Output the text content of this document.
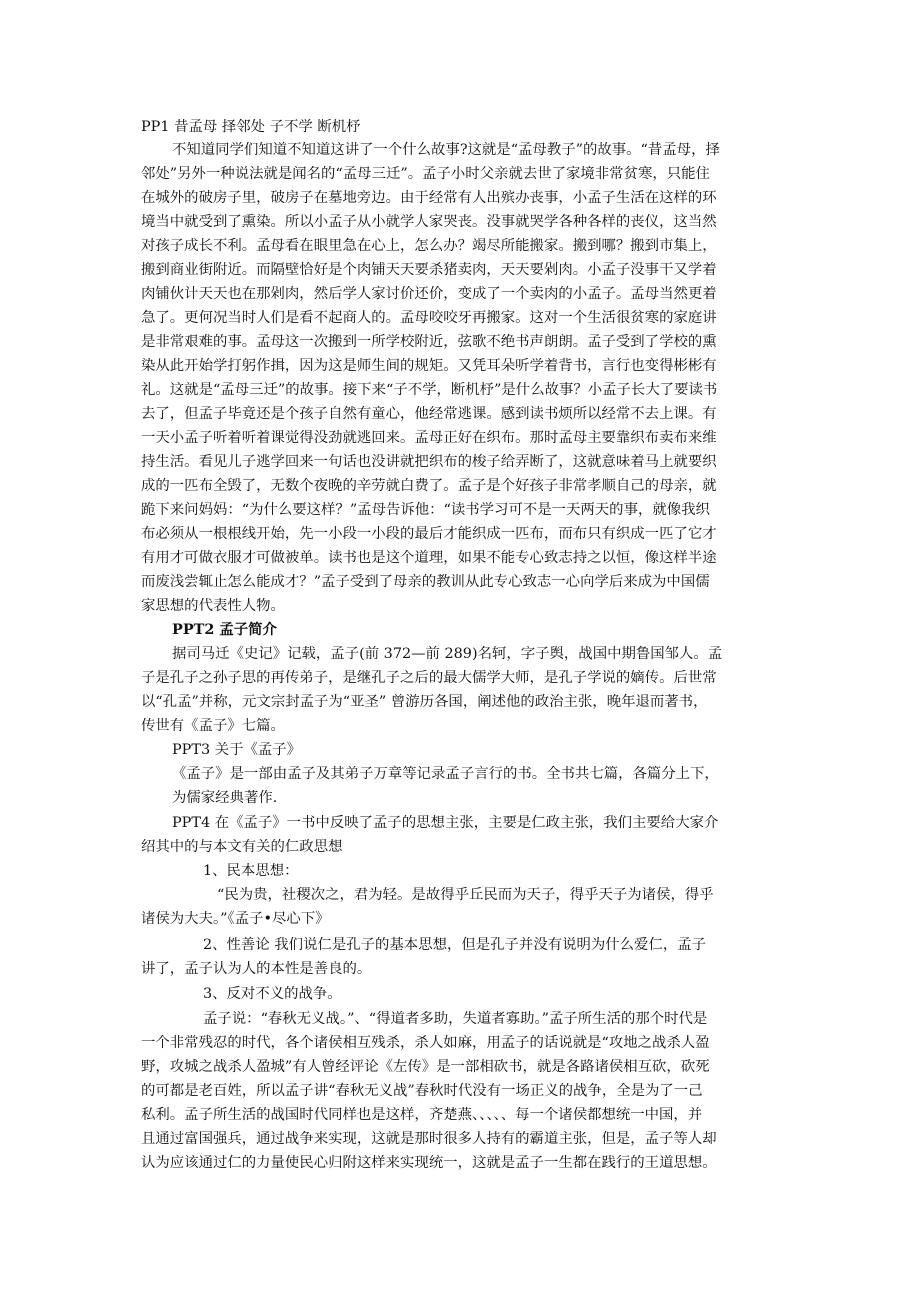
PP1 昔孟母 择邻处 子不学 断机杼

不知道同学们知道不知道这讲了一个什么故事?这就是“孟母教子”的故事。“昔孟母，择

邻处”另外一种说法就是闻名的“孟母三迁”。孟子小时父亲就去世了家境非常贫寒，只能住

在城外的破房子里，破房子在墓地旁边。由于经常有人出殡办丧事，小孟子生活在这样的环

境当中就受到了熏染。所以小孟子从小就学人家哭丧。没事就哭学各种各样的丧仪，这当然

对孩子成长不利。孟母看在眼里急在心上，怎么办？竭尽所能搬家。搬到哪？搬到市集上，

搬到商业街附近。而隔壁恰好是个肉铺天天要杀猪卖肉，天天要剁肉。小孟子没事干又学着

肉铺伙计天天也在那剁肉，然后学人家讨价还价，变成了一个卖肉的小孟子。孟母当然更着

急了。更何况当时人们是看不起商人的。孟母咬咬牙再搬家。这对一个生活很贫寒的家庭讲

是非常艰难的事。孟母这一次搬到一所学校附近，弦歌不绝书声朗朗。孟子受到了学校的熏

染从此开始学打躬作揖，因为这是师生间的规矩。又凭耳朵听学着背书，言行也变得彬彬有

礼。这就是“孟母三迁”的故事。接下来“子不学，断机杼”是什么故事？小孟子长大了要读书

去了，但孟子毕竟还是个孩子自然有童心，他经常逃课。感到读书烦所以经常不去上课。有

一天小孟子听着听着课觉得没劲就逃回来。孟母正好在织布。那时孟母主要靠织布卖布来维

持生活。看见儿子逃学回来一句话也没讲就把织布的梭子给弄断了，这就意味着马上就要织

成的一匹布全毁了，无数个夜晚的辛劳就白费了。孟子是个好孩子非常孝顺自己的母亲，就

跪下来问妈妈：“为什么要这样？”孟母告诉他：“读书学习可不是一天两天的事，就像我织

布必须从一根根线开始，先一小段一小段的最后才能织成一匹布，而布只有织成一匹了它才

有用才可做衣服才可做被单。读书也是这个道理，如果不能专心致志持之以恒，像这样半途

而废浅尝辄止怎么能成才？”孟子受到了母亲的教训从此专心致志一心向学后来成为中国儒

家思想的代表性人物。

PPT2 孟子简介

据司马迁《史记》记载，孟子(前 372—前 289)名轲，字子舆，战国中期鲁国邹人。孟

子是孔子之孙子思的再传弟子，是继孔子之后的最大儒学大师，是孔子学说的嫡传。后世常

以“孔孟”并称，元文宗封孟子为“亚圣” 曾游历各国，阐述他的政治主张，晚年退而著书，

传世有《孟子》七篇。

PPT3 关于《孟子》

《孟子》是一部由孟子及其弟子万章等记录孟子言行的书。全书共七篇，各篇分上下，

为儒家经典著作.

PPT4 在《孟子》一书中反映了孟子的思想主张，主要是仁政主张，我们主要给大家介

绍其中的与本文有关的仁政思想

1、民本思想：

“民为贵，社稷次之，君为轻。是故得乎丘民而为天子，得乎天子为诸侯，得乎

诸侯为大夫。”《孟子•尽心下》

2、性善论 我们说仁是孔子的基本思想，但是孔子并没有说明为什么爱仁，孟子

讲了，孟子认为人的本性是善良的。

3、反对不义的战争。

孟子说：“春秋无义战。”、“得道者多助，失道者寡助。”孟子所生活的那个时代是

一个非常残忍的时代，各个诸侯相互残杀，杀人如麻，用孟子的话说就是“攻地之战杀人盈

野，攻城之战杀人盈城”有人曾经评论《左传》是一部相砍书，就是各路诸侯相互砍，砍死

的可都是老百姓，所以孟子讲“春秋无义战”春秋时代没有一场正义的战争，全是为了一己

私利。孟子所生活的战国时代同样也是这样，齐楚燕、、、、、每一个诸侯都想统一中国，并

且通过富国强兵，通过战争来实现，这就是那时很多人持有的霸道主张，但是，孟子等人却

认为应该通过仁的力量使民心归附这样来实现统一，这就是孟子一生都在践行的王道思想。
